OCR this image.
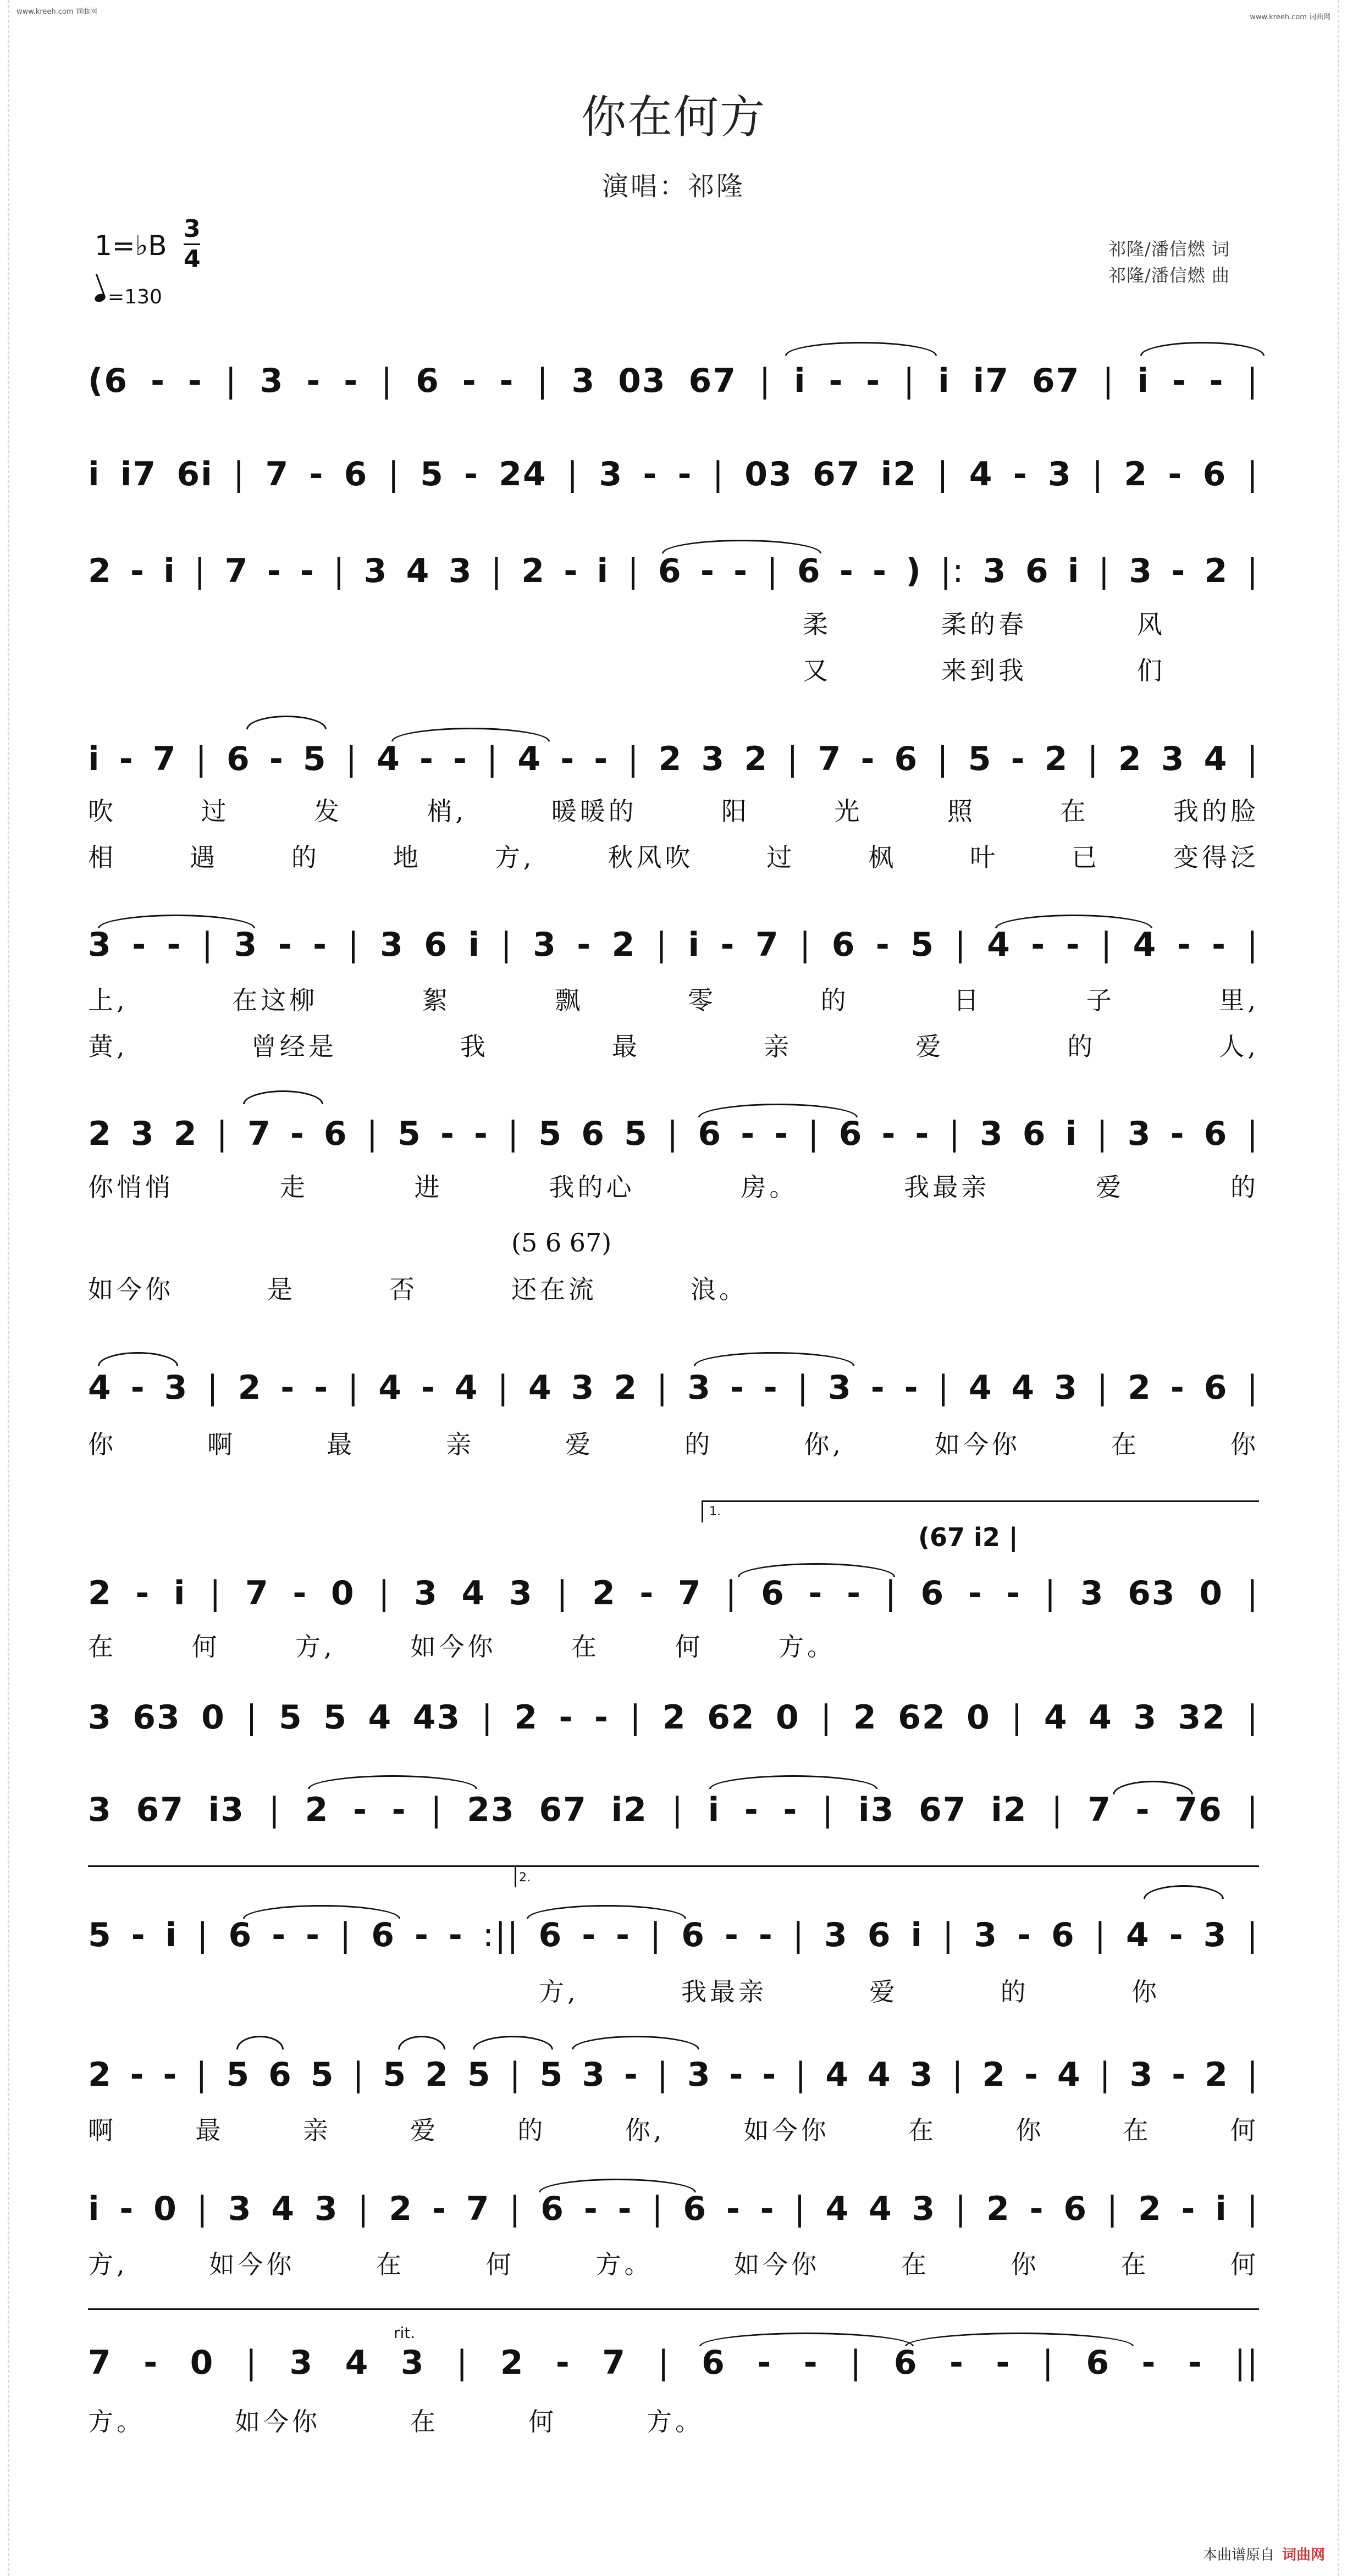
www.kreeh.com 词曲网
www.kreeh.com 词曲网
你在何方
演唱：祁隆
1=♭B
3
4
=130
祁隆/潘信燃 词
祁隆/潘信燃 曲
(6 - - | 3 - - | 6 - - | 3 03 67 | i - - | i i7 67 | i - - |
i i7 6i | 7 - 6 | 5 - 24 | 3 - - | 03 67 i2 | 4 - 3 | 2 - 6 |
2 - i | 7 - - | 3 4 3 | 2 - i | 6 - - | 6 - - ) |: 3 6 i | 3 - 2 |
柔	柔的春	风
又	来到我	们
i - 7 | 6 - 5 | 4 - - | 4 - - | 2 3 2 | 7 - 6 | 5 - 2 | 2 3 4 |
吹	过	发	梢,	暖暖的	阳	光	照	在	我的脸
相	遇	的	地	方,	秋风吹	过	枫	叶	已	变得泛
3 - - | 3 - - | 3 6 i | 3 - 2 | i - 7 | 6 - 5 | 4 - - | 4 - - |
上,	在这柳	絮	飘	零	的	日	子	里,
黄,	曾经是	我	最	亲	爱	的	人,
2 3 2 | 7 - 6 | 5 - - | 5 6 5 | 6 - - | 6 - - | 3 6 i | 3 - 6 |
你悄悄	走	进	我的心	房。	我最亲	爱	的
(5 6 67)
如今你	是	否	还在流	浪。
4 - 3 | 2 - - | 4 - 4 | 4 3 2 | 3 - - | 3 - - | 4 4 3 | 2 - 6 |
你	啊	最	亲	爱	的	你,	如今你	在	你
1.
(67 i2 |
2 - i | 7 - 0 | 3 4 3 | 2 - 7 | 6 - - | 6 - - | 3 63 0 |
在	何	方,	如今你	在	何	方。
3 63 0 | 5 5 4 43 | 2 - - | 2 62 0 | 2 62 0 | 4 4 3 32 |
3 67 i3 | 2 - - | 23 67 i2 | i - - | i3 67 i2 | 7 - 76 |
2.
5 - i | 6 - - | 6 - - :|| 6 - - | 6 - - | 3 6 i | 3 - 6 | 4 - 3 |
方,	我最亲	爱	的	你
2 - - | 5 6 5 | 5 2 5 | 5 3 - | 3 - - | 4 4 3 | 2 - 4 | 3 - 2 |
啊	最	亲	爱	的	你,	如今你	在	你	在	何
i - 0 | 3 4 3 | 2 - 7 | 6 - - | 6 - - | 4 4 3 | 2 - 6 | 2 - i |
方,	如今你	在	何	方。	如今你	在	你	在	何
rit.
7 - 0 | 3 4 3 | 2 - 7 | 6 - - | 6 - - | 6 - - ||
方。	如今你	在	何	方。
本曲谱原自 词曲网
